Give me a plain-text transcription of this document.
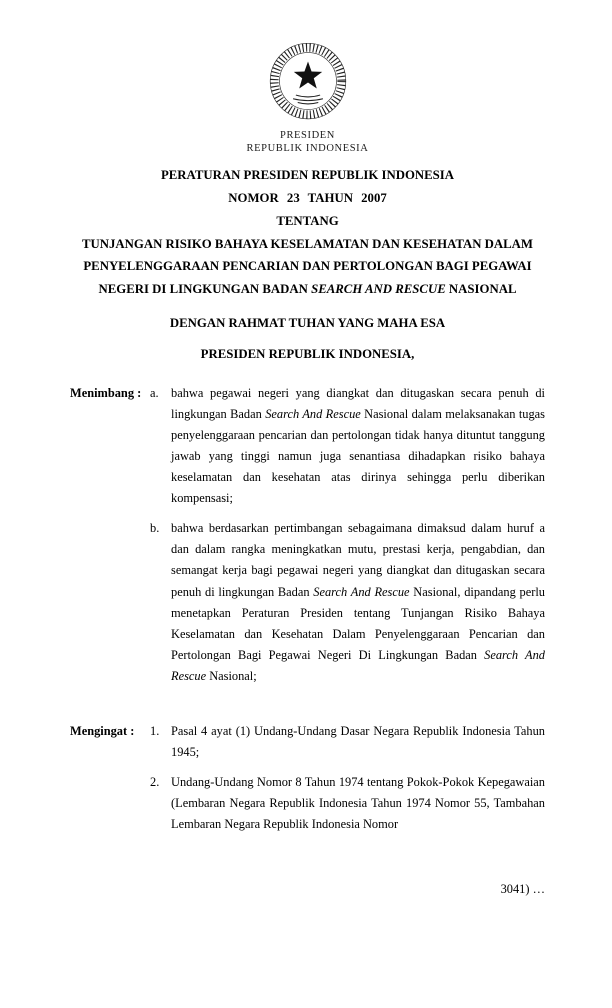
PRESIDEN
REPUBLIK INDONESIA
PERATURAN PRESIDEN REPUBLIK INDONESIA
NOMOR 23 TAHUN 2007
TENTANG
TUNJANGAN RISIKO BAHAYA KESELAMATAN DAN KESEHATAN DALAM PENYELENGGARAAN PENCARIAN DAN PERTOLONGAN BAGI PEGAWAI NEGERI DI LINGKUNGAN BADAN SEARCH AND RESCUE NASIONAL
DENGAN RAHMAT TUHAN YANG MAHA ESA
PRESIDEN REPUBLIK INDONESIA,
Menimbang : a. bahwa pegawai negeri yang diangkat dan ditugaskan secara penuh di lingkungan Badan Search And Rescue Nasional dalam melaksanakan tugas penyelenggaraan pencarian dan pertolongan tidak hanya dituntut tanggung jawab yang tinggi namun juga senantiasa dihadapkan risiko bahaya keselamatan dan kesehatan atas dirinya sehingga perlu diberikan kompensasi;
b. bahwa berdasarkan pertimbangan sebagaimana dimaksud dalam huruf a dan dalam rangka meningkatkan mutu, prestasi kerja, pengabdian, dan semangat kerja bagi pegawai negeri yang diangkat dan ditugaskan secara penuh di lingkungan Badan Search And Rescue Nasional, dipandang perlu menetapkan Peraturan Presiden tentang Tunjangan Risiko Bahaya Keselamatan dan Kesehatan Dalam Penyelenggaraan Pencarian dan Pertolongan Bagi Pegawai Negeri Di Lingkungan Badan Search And Rescue Nasional;
Mengingat :	1. Pasal 4 ayat (1) Undang-Undang Dasar Negara Republik Indonesia Tahun 1945;
2. Undang-Undang Nomor 8 Tahun 1974 tentang Pokok-Pokok Kepegawaian (Lembaran Negara Republik Indonesia Tahun 1974 Nomor 55, Tambahan Lembaran Negara Republik Indonesia Nomor
3041) …
